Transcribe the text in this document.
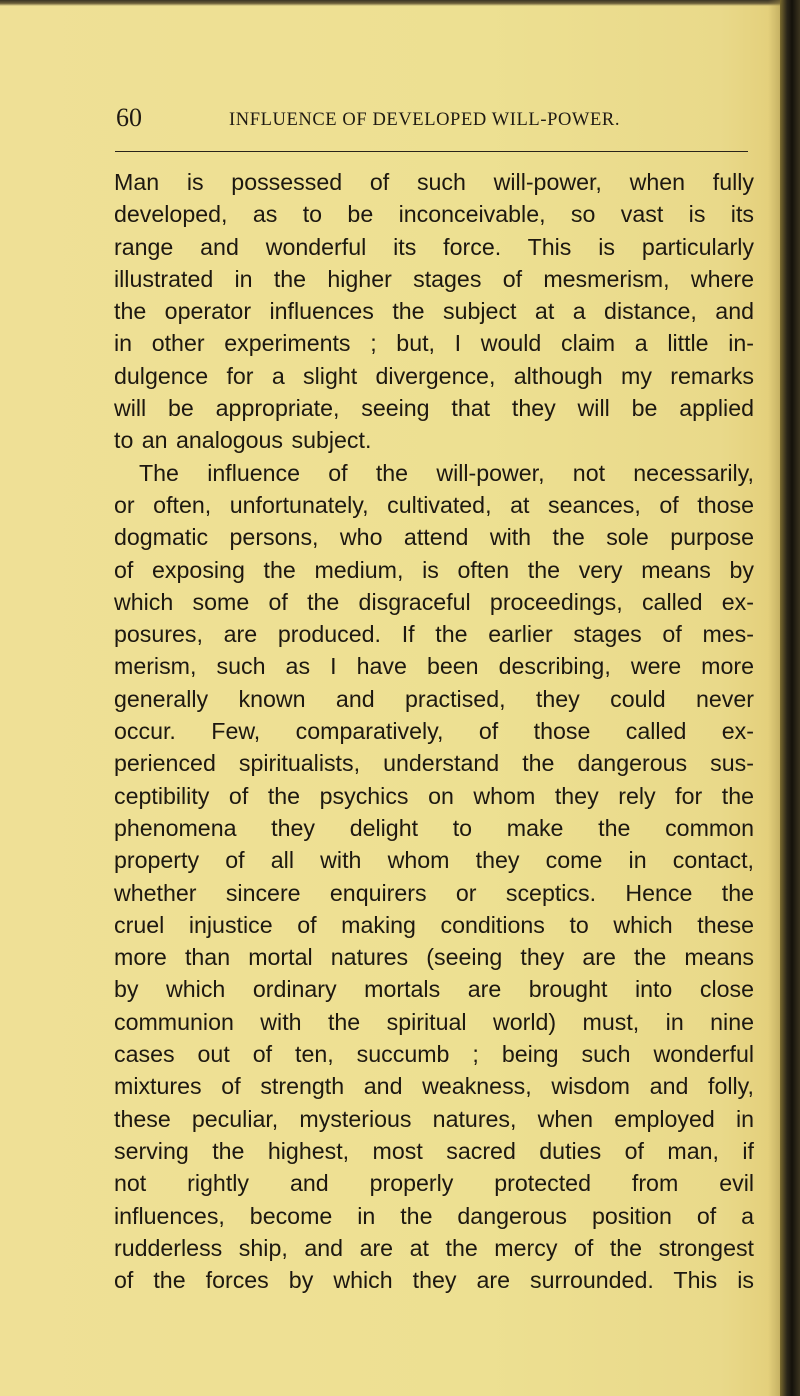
60	INFLUENCE OF DEVELOPED WILL-POWER.
Man is possessed of such will-power, when fully
developed, as to be inconceivable, so vast is its
range and wonderful its force. This is particularly
illustrated in the higher stages of mesmerism, where
the operator influences the subject at a distance, and
in other experiments ; but, I would claim a little in-
dulgence for a slight divergence, although my remarks
will be appropriate, seeing that they will be applied
to an analogous subject.
The influence of the will-power, not necessarily,
or often, unfortunately, cultivated, at seances, of those
dogmatic persons, who attend with the sole purpose
of exposing the medium, is often the very means by
which some of the disgraceful proceedings, called ex-
posures, are produced. If the earlier stages of mes-
merism, such as I have been describing, were more
generally known and practised, they could never
occur. Few, comparatively, of those called ex-
perienced spiritualists, understand the dangerous sus-
ceptibility of the psychics on whom they rely for the
phenomena they delight to make the common
property of all with whom they come in contact,
whether sincere enquirers or sceptics. Hence the
cruel injustice of making conditions to which these
more than mortal natures (seeing they are the means
by which ordinary mortals are brought into close
communion with the spiritual world) must, in nine
cases out of ten, succumb ; being such wonderful
mixtures of strength and weakness, wisdom and folly,
these peculiar, mysterious natures, when employed in
serving the highest, most sacred duties of man, if
not rightly and properly protected from evil
influences, become in the dangerous position of a
rudderless ship, and are at the mercy of the strongest
of the forces by which they are surrounded. This is
